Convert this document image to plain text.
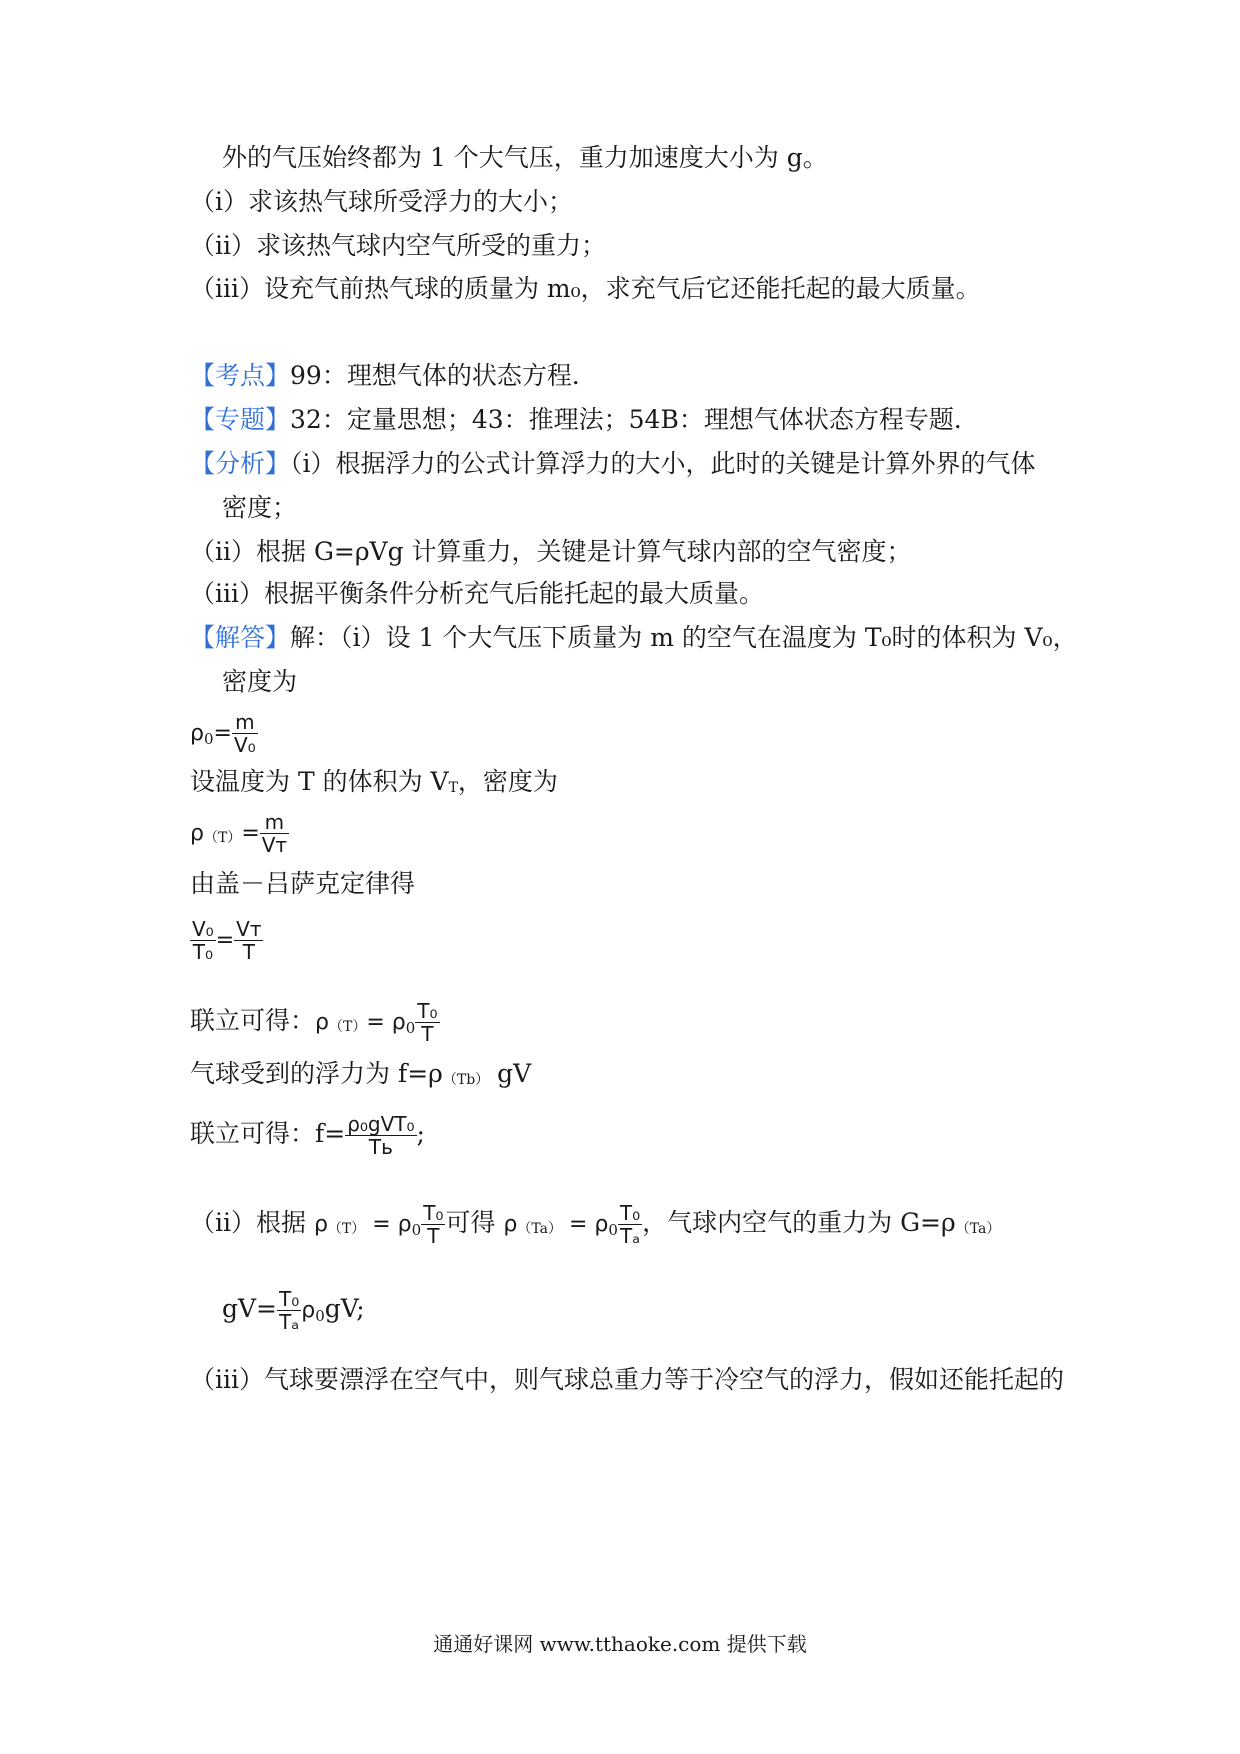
外的气压始终都为 1 个大气压，重力加速度大小为 g。
（i）求该热气球所受浮力的大小；
（ii）求该热气球内空气所受的重力；
（iii）设充气前热气球的质量为 m₀，求充气后它还能托起的最大质量。
【考点】99：理想气体的状态方程．
【专题】32：定量思想；43：推理法；54B：理想气体状态方程专题．
【分析】（i）根据浮力的公式计算浮力的大小，此时的关键是计算外界的气体
密度；
（ii）根据 G=ρVg 计算重力，关键是计算气球内部的空气密度；
（iii）根据平衡条件分析充气后能托起的最大质量。
【解答】解：（i）设 1 个大气压下质量为 m 的空气在温度为 T₀时的体积为 V₀，
密度为
$\rho_0= \frac{m}{\text{V₀}}$
设温度为 T 的体积为 VT，密度为
$\rho(T)= \frac{m}{\text{Vᴛ}}$
由盖－吕萨克定律得
$\frac{\text{V₀}}{\text{T₀}} = \frac{\text{Vᴛ}}{T}$
联立可得：$\rho(T)= \rho_0 \frac{\text{T₀}}{T}$
气球受到的浮力为 f=ρ（Tb） gV
联立可得：$f= \frac{\text{ρ₀gVT₀}}{Tь}$ ;
（ii）根据 $\rho(T) = \rho_0 \frac{\text{T₀}}{T}$ 可得 $\rho(Ta) = \rho_0 \frac{\text{T₀}}{\text{Tₐ}}$ ，气球内空气的重力为 G=ρ（Ta）
$gV= \frac{\text{T₀}}{\text{Tₐ}} \rho_0gV$;
（iii）气球要漂浮在空气中，则气球总重力等于冷空气的浮力，假如还能托起的
通通好课网 www.tthaoke.com 提供下载
